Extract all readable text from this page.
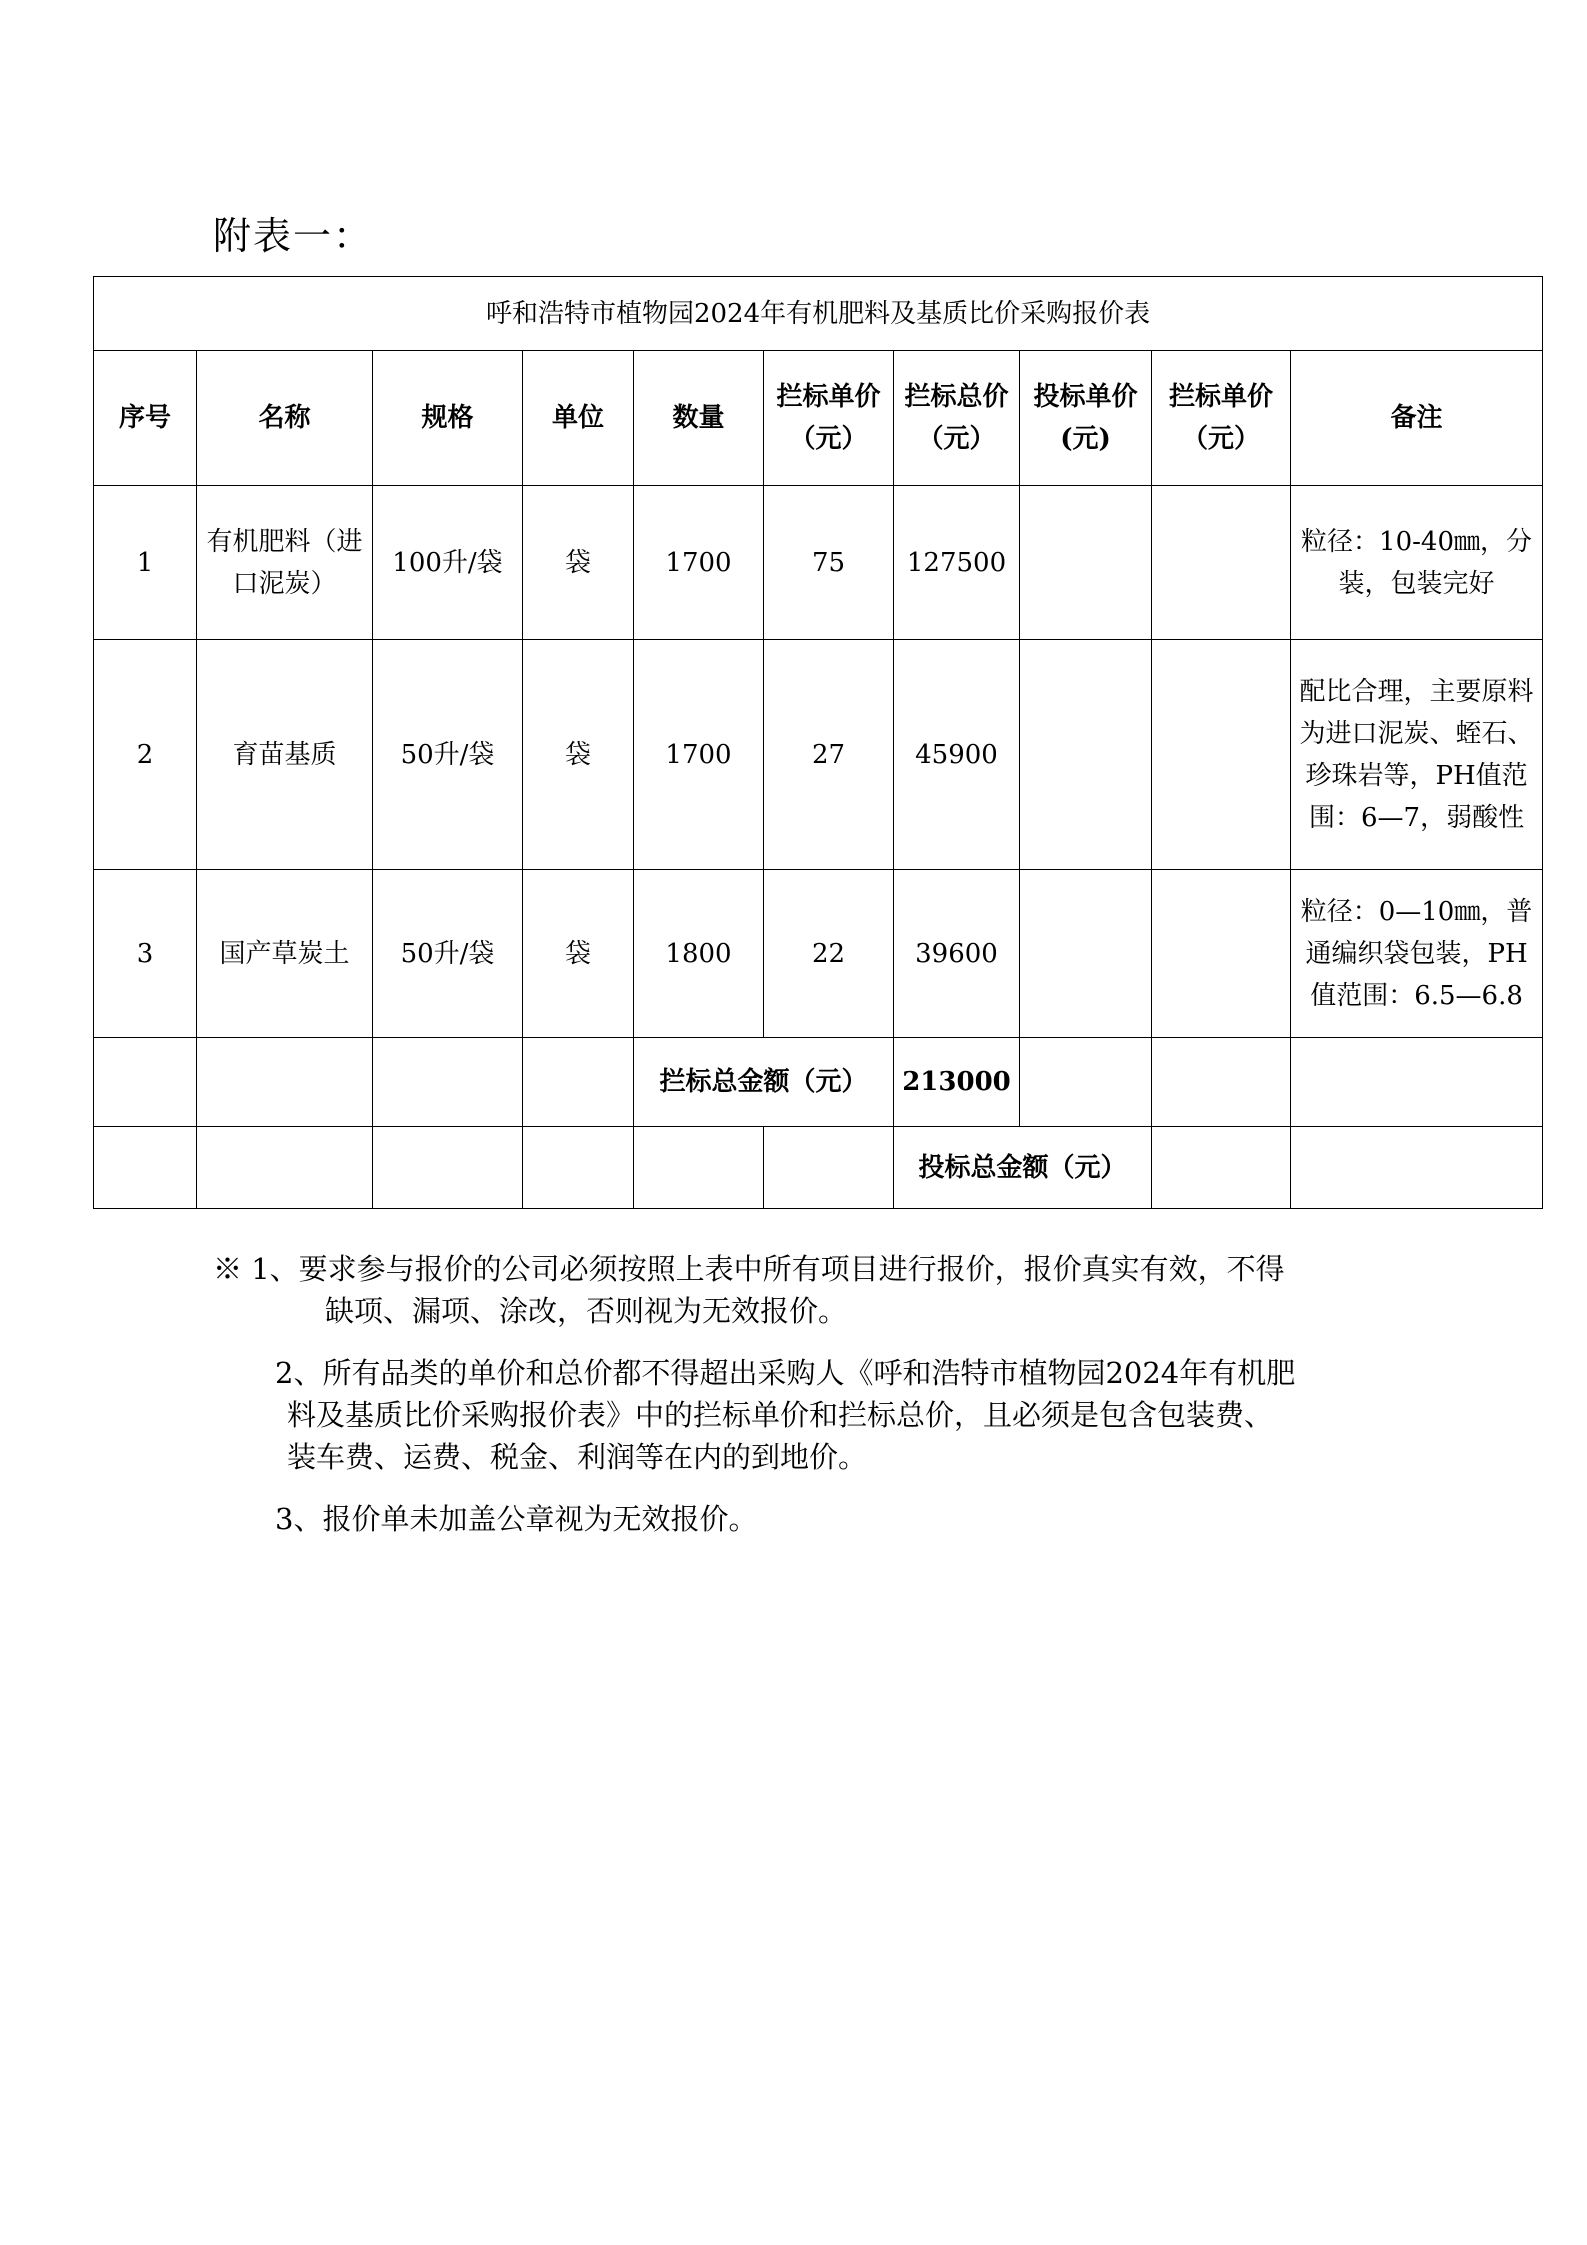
附表一：
呼和浩特市植物园2024年有机肥料及基质比价采购报价表									
序号	名称	规格	单位	数量	拦标单价（元）	拦标总价（元）	投标单价(元)	拦标单价（元）	备注
1	有机肥料（进口泥炭）	100升/袋	袋	1700	75	127500			粒径：10-40㎜，分装，包装完好
2	育苗基质	50升/袋	袋	1700	27	45900			配比合理，主要原料为进口泥炭、蛭石、珍珠岩等，PH值范围：6—7，弱酸性
3	国产草炭土	50升/袋	袋	1800	22	39600			粒径：0—10㎜，普通编织袋包装，PH值范围：6.5—6.8
				拦标总金额（元）		213000			
						投标总金额（元）			
※ 1、要求参与报价的公司必须按照上表中所有项目进行报价，报价真实有效，不得
缺项、漏项、涂改，否则视为无效报价。
2、所有品类的单价和总价都不得超出采购人《呼和浩特市植物园2024年有机肥
料及基质比价采购报价表》中的拦标单价和拦标总价，且必须是包含包装费、
装车费、运费、税金、利润等在内的到地价。
3、报价单未加盖公章视为无效报价。
